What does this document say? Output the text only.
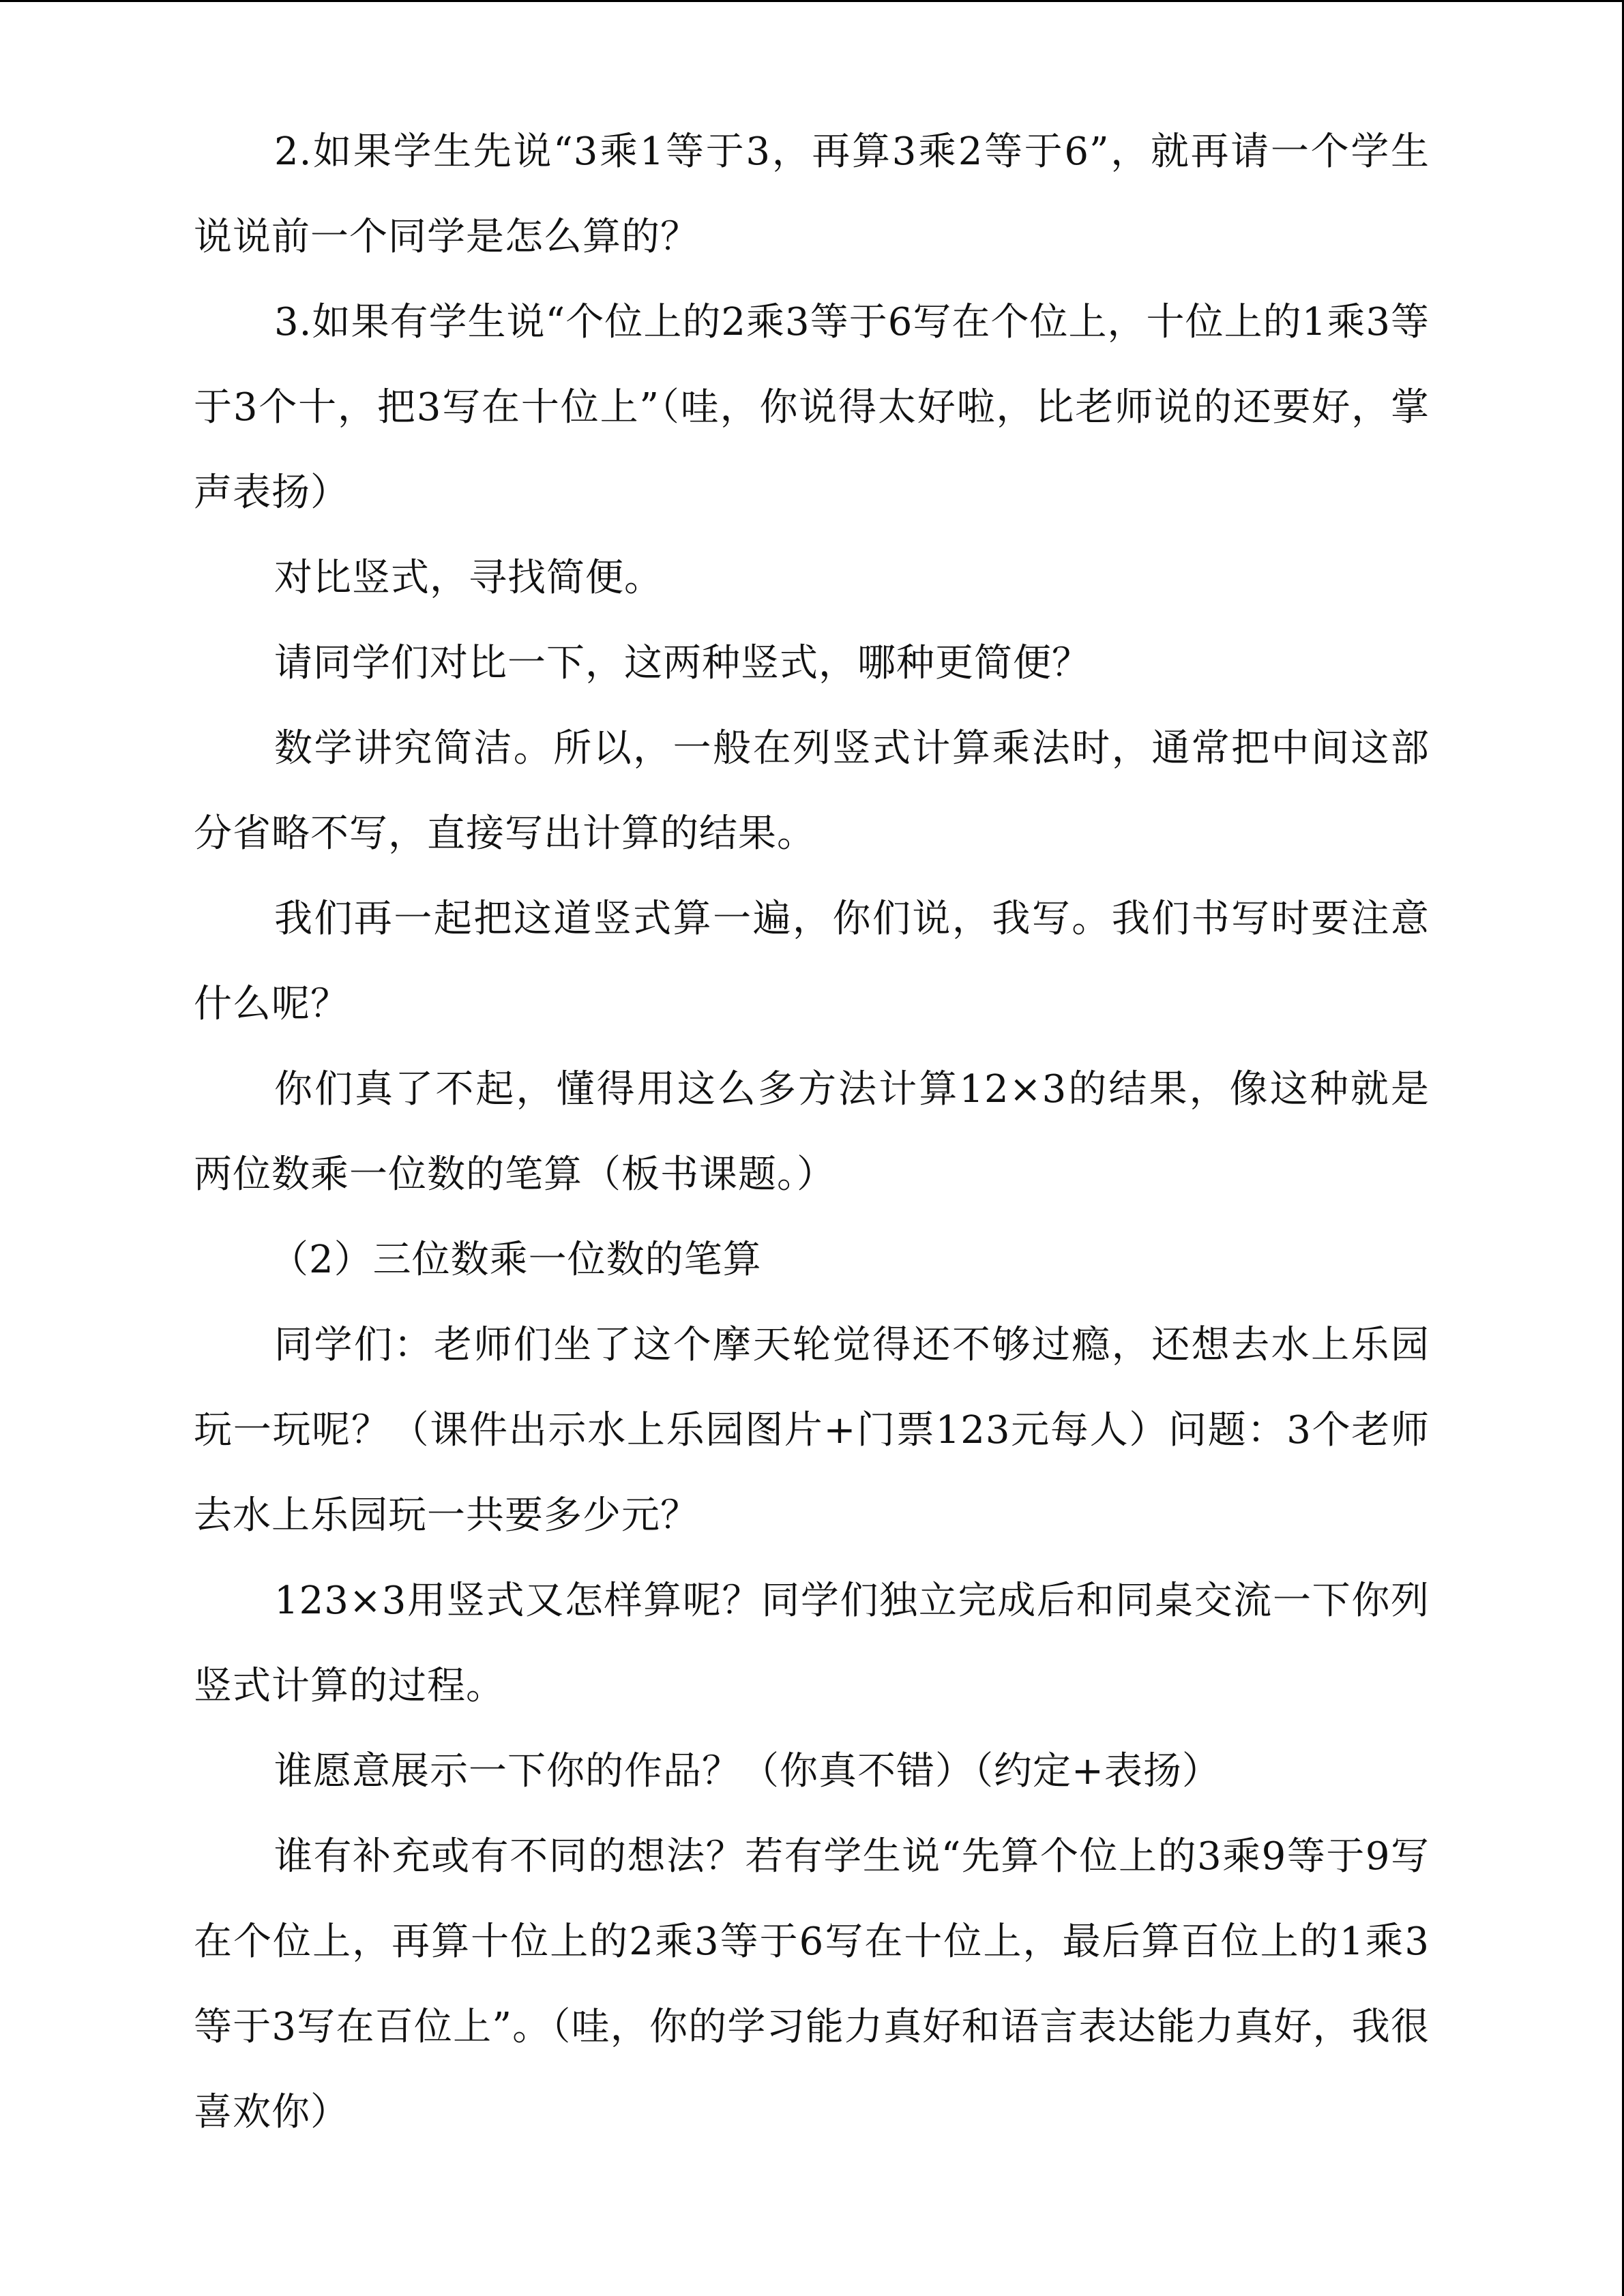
2.如果学生先说“3乘1等于3，再算3乘2等于6”，就再请一个学生说说前一个同学是怎么算的？

3.如果有学生说“个位上的2乘3等于6写在个位上，十位上的1乘3等于3个十，把3写在十位上”（哇，你说得太好啦，比老师说的还要好，掌声表扬）

对比竖式，寻找简便。

请同学们对比一下，这两种竖式，哪种更简便？

数学讲究简洁。所以，一般在列竖式计算乘法时，通常把中间这部分省略不写，直接写出计算的结果。

我们再一起把这道竖式算一遍，你们说，我写。我们书写时要注意什么呢？

你们真了不起，懂得用这么多方法计算12×3的结果，像这种就是两位数乘一位数的笔算（板书课题。）

（2）三位数乘一位数的笔算

同学们：老师们坐了这个摩天轮觉得还不够过瘾，还想去水上乐园玩一玩呢？（课件出示水上乐园图片+门票123元每人）问题：3个老师去水上乐园玩一共要多少元？

123×3用竖式又怎样算呢？同学们独立完成后和同桌交流一下你列竖式计算的过程。

谁愿意展示一下你的作品？（你真不错）（约定+表扬）

谁有补充或有不同的想法？若有学生说“先算个位上的3乘9等于9写在个位上，再算十位上的2乘3等于6写在十位上，最后算百位上的1乘3等于3写在百位上”。（哇，你的学习能力真好和语言表达能力真好，我很喜欢你）
